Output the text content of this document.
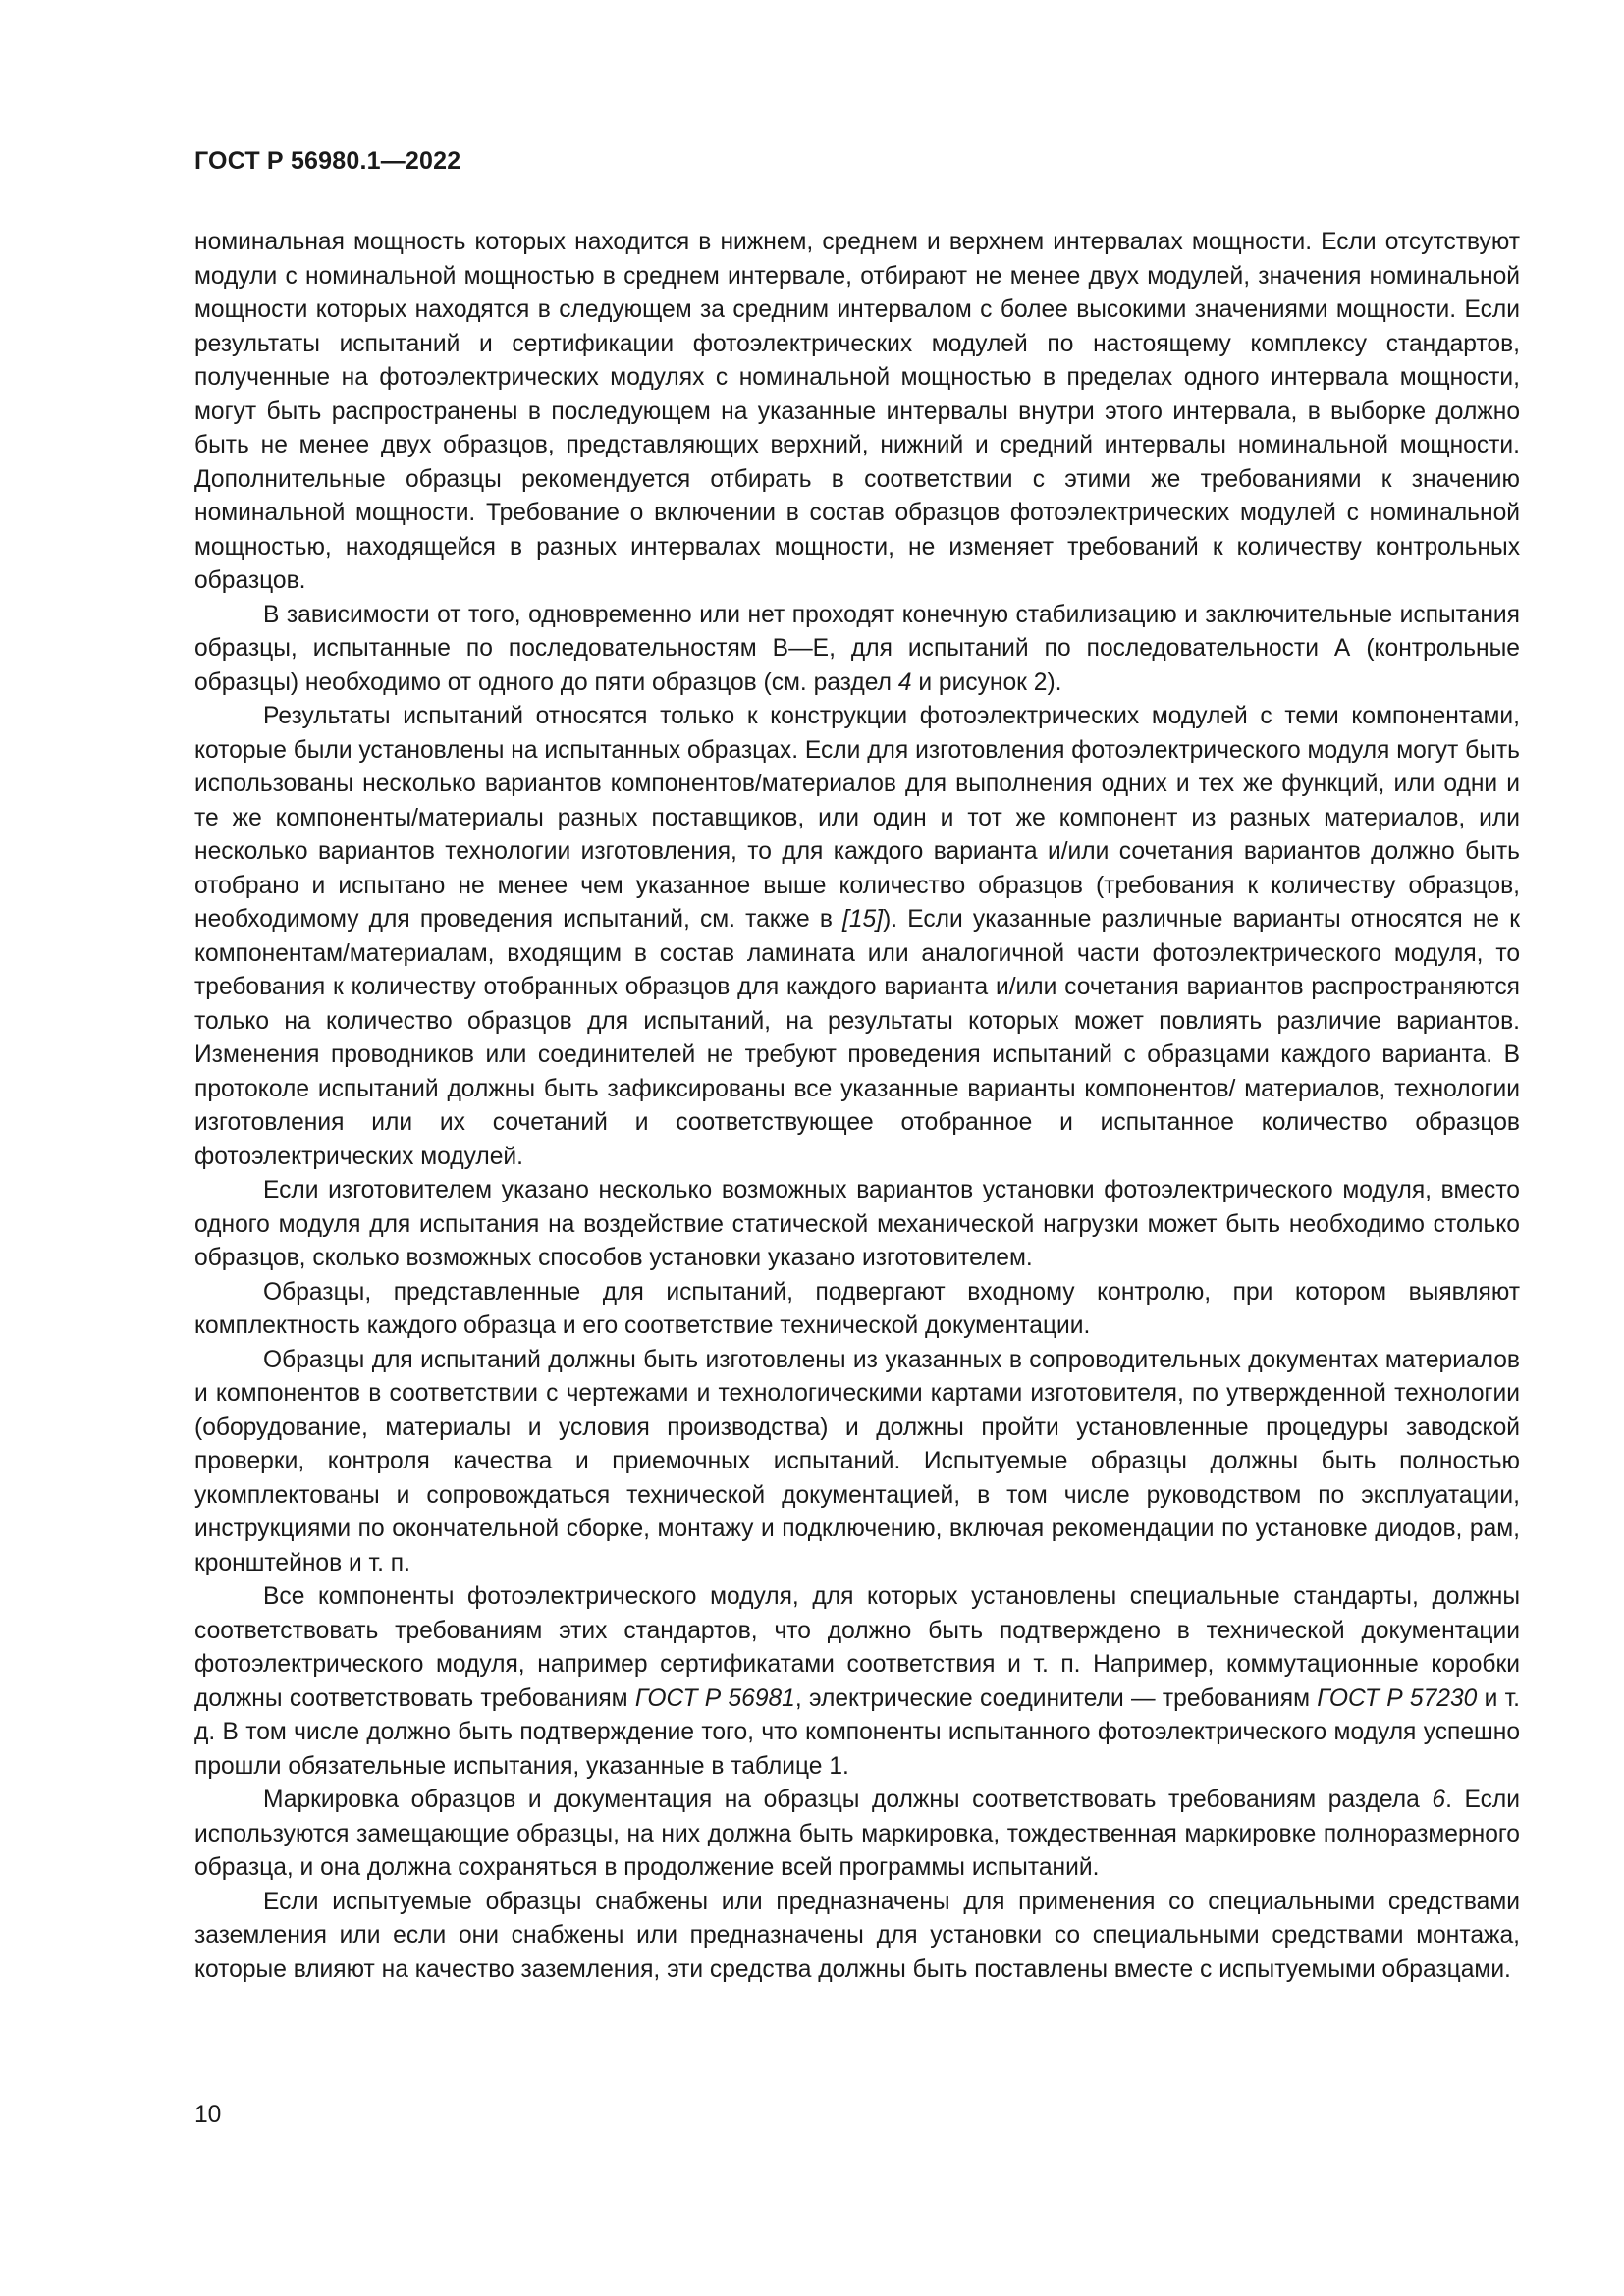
ГОСТ Р 56980.1—2022

номинальная мощность которых находится в нижнем, среднем и верхнем интервалах мощности. Если отсутствуют модули с номинальной мощностью в среднем интервале, отбирают не менее двух модулей, значения номинальной мощности которых находятся в следующем за средним интервалом с более высокими значениями мощности. Если результаты испытаний и сертификации фотоэлектрических модулей по настоящему комплексу стандартов, полученные на фотоэлектрических модулях с номинальной мощностью в пределах одного интервала мощности, могут быть распространены в последующем на указанные интервалы внутри этого интервала, в выборке должно быть не менее двух образцов, представляющих верхний, нижний и средний интервалы номинальной мощности. Дополнительные образцы рекомендуется отбирать в соответствии с этими же требованиями к значению номинальной мощности. Требование о включении в состав образцов фотоэлектрических модулей с номинальной мощностью, находящейся в разных интервалах мощности, не изменяет требований к количеству контрольных образцов.

В зависимости от того, одновременно или нет проходят конечную стабилизацию и заключительные испытания образцы, испытанные по последовательностям В—Е, для испытаний по последовательности А (контрольные образцы) необходимо от одного до пяти образцов (см. раздел 4 и рисунок 2).

Результаты испытаний относятся только к конструкции фотоэлектрических модулей с теми компонентами, которые были установлены на испытанных образцах. Если для изготовления фотоэлектрического модуля могут быть использованы несколько вариантов компонентов/материалов для выполнения одних и тех же функций, или одни и те же компоненты/материалы разных поставщиков, или один и тот же компонент из разных материалов, или несколько вариантов технологии изготовления, то для каждого варианта и/или сочетания вариантов должно быть отобрано и испытано не менее чем указанное выше количество образцов (требования к количеству образцов, необходимому для проведения испытаний, см. также в [15]). Если указанные различные варианты относятся не к компонентам/материалам, входящим в состав ламината или аналогичной части фотоэлектрического модуля, то требования к количеству отобранных образцов для каждого варианта и/или сочетания вариантов распространяются только на количество образцов для испытаний, на результаты которых может повлиять различие вариантов. Изменения проводников или соединителей не требуют проведения испытаний с образцами каждого варианта. В протоколе испытаний должны быть зафиксированы все указанные варианты компонентов/ материалов, технологии изготовления или их сочетаний и соответствующее отобранное и испытанное количество образцов фотоэлектрических модулей.

Если изготовителем указано несколько возможных вариантов установки фотоэлектрического модуля, вместо одного модуля для испытания на воздействие статической механической нагрузки может быть необходимо столько образцов, сколько возможных способов установки указано изготовителем.

Образцы, представленные для испытаний, подвергают входному контролю, при котором выявляют комплектность каждого образца и его соответствие технической документации.

Образцы для испытаний должны быть изготовлены из указанных в сопроводительных документах материалов и компонентов в соответствии с чертежами и технологическими картами изготовителя, по утвержденной технологии (оборудование, материалы и условия производства) и должны пройти установленные процедуры заводской проверки, контроля качества и приемочных испытаний. Испытуемые образцы должны быть полностью укомплектованы и сопровождаться технической документацией, в том числе руководством по эксплуатации, инструкциями по окончательной сборке, монтажу и подключению, включая рекомендации по установке диодов, рам, кронштейнов и т. п.

Все компоненты фотоэлектрического модуля, для которых установлены специальные стандарты, должны соответствовать требованиям этих стандартов, что должно быть подтверждено в технической документации фотоэлектрического модуля, например сертификатами соответствия и т. п. Например, коммутационные коробки должны соответствовать требованиям ГОСТ Р 56981, электрические соединители — требованиям ГОСТ Р 57230 и т. д. В том числе должно быть подтверждение того, что компоненты испытанного фотоэлектрического модуля успешно прошли обязательные испытания, указанные в таблице 1.

Маркировка образцов и документация на образцы должны соответствовать требованиям раздела 6. Если используются замещающие образцы, на них должна быть маркировка, тождественная маркировке полноразмерного образца, и она должна сохраняться в продолжение всей программы испытаний.

Если испытуемые образцы снабжены или предназначены для применения со специальными средствами заземления или если они снабжены или предназначены для установки со специальными средствами монтажа, которые влияют на качество заземления, эти средства должны быть поставлены вместе с испытуемыми образцами.

10
